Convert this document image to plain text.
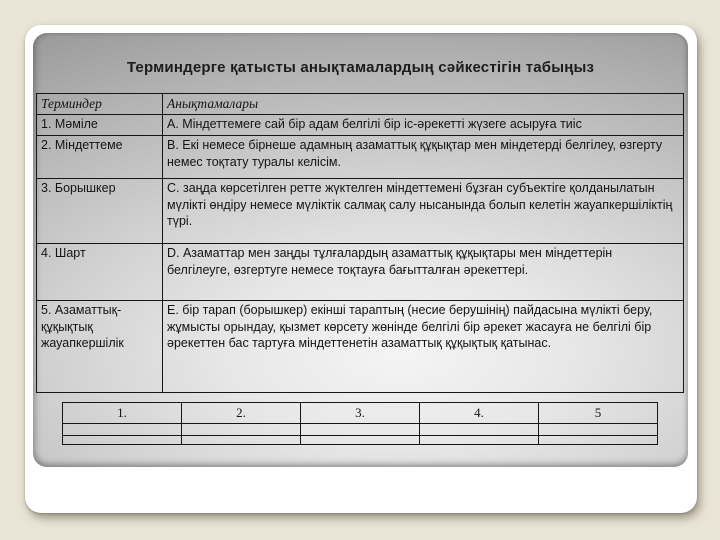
Терминдерге қатысты анықтамалардың сәйкестігін табыңыз
Терминдер	Анықтамалары
1. Мәміле	А. Міндеттемеге сай бір адам белгілі бір іс-әрекетті жүзеге асыруға тиіс
2. Міндеттеме	В. Екі немесе бірнеше адамның азаматтық құқықтар мен міндетерді белгілеу, өзгерту немес тоқтату туралы келісім.
3. Борышкер	С. заңда көрсетілген ретте жүктелген міндеттемені бұзған субъектіге қолданылатын мүлікті өндіру немесе мүліктік салмақ салу нысанында болып келетін жауапкершіліктің түрі.
4. Шарт	D. Азаматтар мен заңды тұлғалардың азаматтық құқықтары мен міндеттерін белгілеуге, өзгертуге немесе тоқтауға бағытталған әрекеттері.
5. Азаматтық-құқықтық жауапкершілік	Е. бір тарап (борышкер) екінші тараптың (несие берушінің) пайдасына мүлікті беру, жұмысты орындау, қызмет көрсету жөнінде белгілі бір әрекет жасауға не белгілі бір әрекеттен бас тартуға міндеттенетін азаматтық құқықтық қатынас.
1.	2.	3.	4.	5
